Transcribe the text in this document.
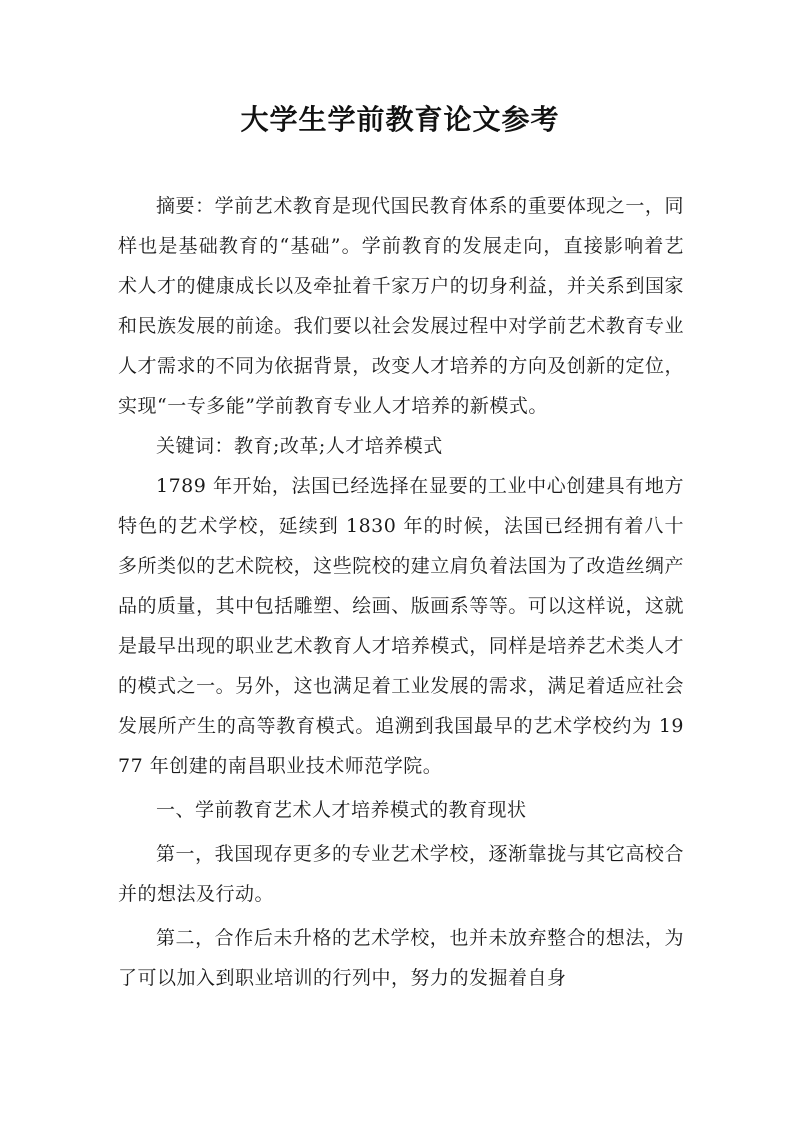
大学生学前教育论文参考

摘要：学前艺术教育是现代国民教育体系的重要体现之一，同样也是基础教育的“基础”。学前教育的发展走向，直接影响着艺术人才的健康成长以及牵扯着千家万户的切身利益，并关系到国家和民族发展的前途。我们要以社会发展过程中对学前艺术教育专业人才需求的不同为依据背景，改变人才培养的方向及创新的定位，实现“一专多能”学前教育专业人才培养的新模式。

关键词：教育;改革;人才培养模式

1789 年开始，法国已经选择在显要的工业中心创建具有地方特色的艺术学校，延续到 1830 年的时候，法国已经拥有着八十多所类似的艺术院校，这些院校的建立肩负着法国为了改造丝绸产品的质量，其中包括雕塑、绘画、版画系等等。可以这样说，这就是最早出现的职业艺术教育人才培养模式，同样是培养艺术类人才的模式之一。另外，这也满足着工业发展的需求，满足着适应社会发展所产生的高等教育模式。追溯到我国最早的艺术学校约为 1977 年创建的南昌职业技术师范学院。

一、学前教育艺术人才培养模式的教育现状

第一，我国现存更多的专业艺术学校，逐渐靠拢与其它高校合并的想法及行动。

第二，合作后未升格的艺术学校，也并未放弃整合的想法，为了可以加入到职业培训的行列中，努力的发掘着自身
